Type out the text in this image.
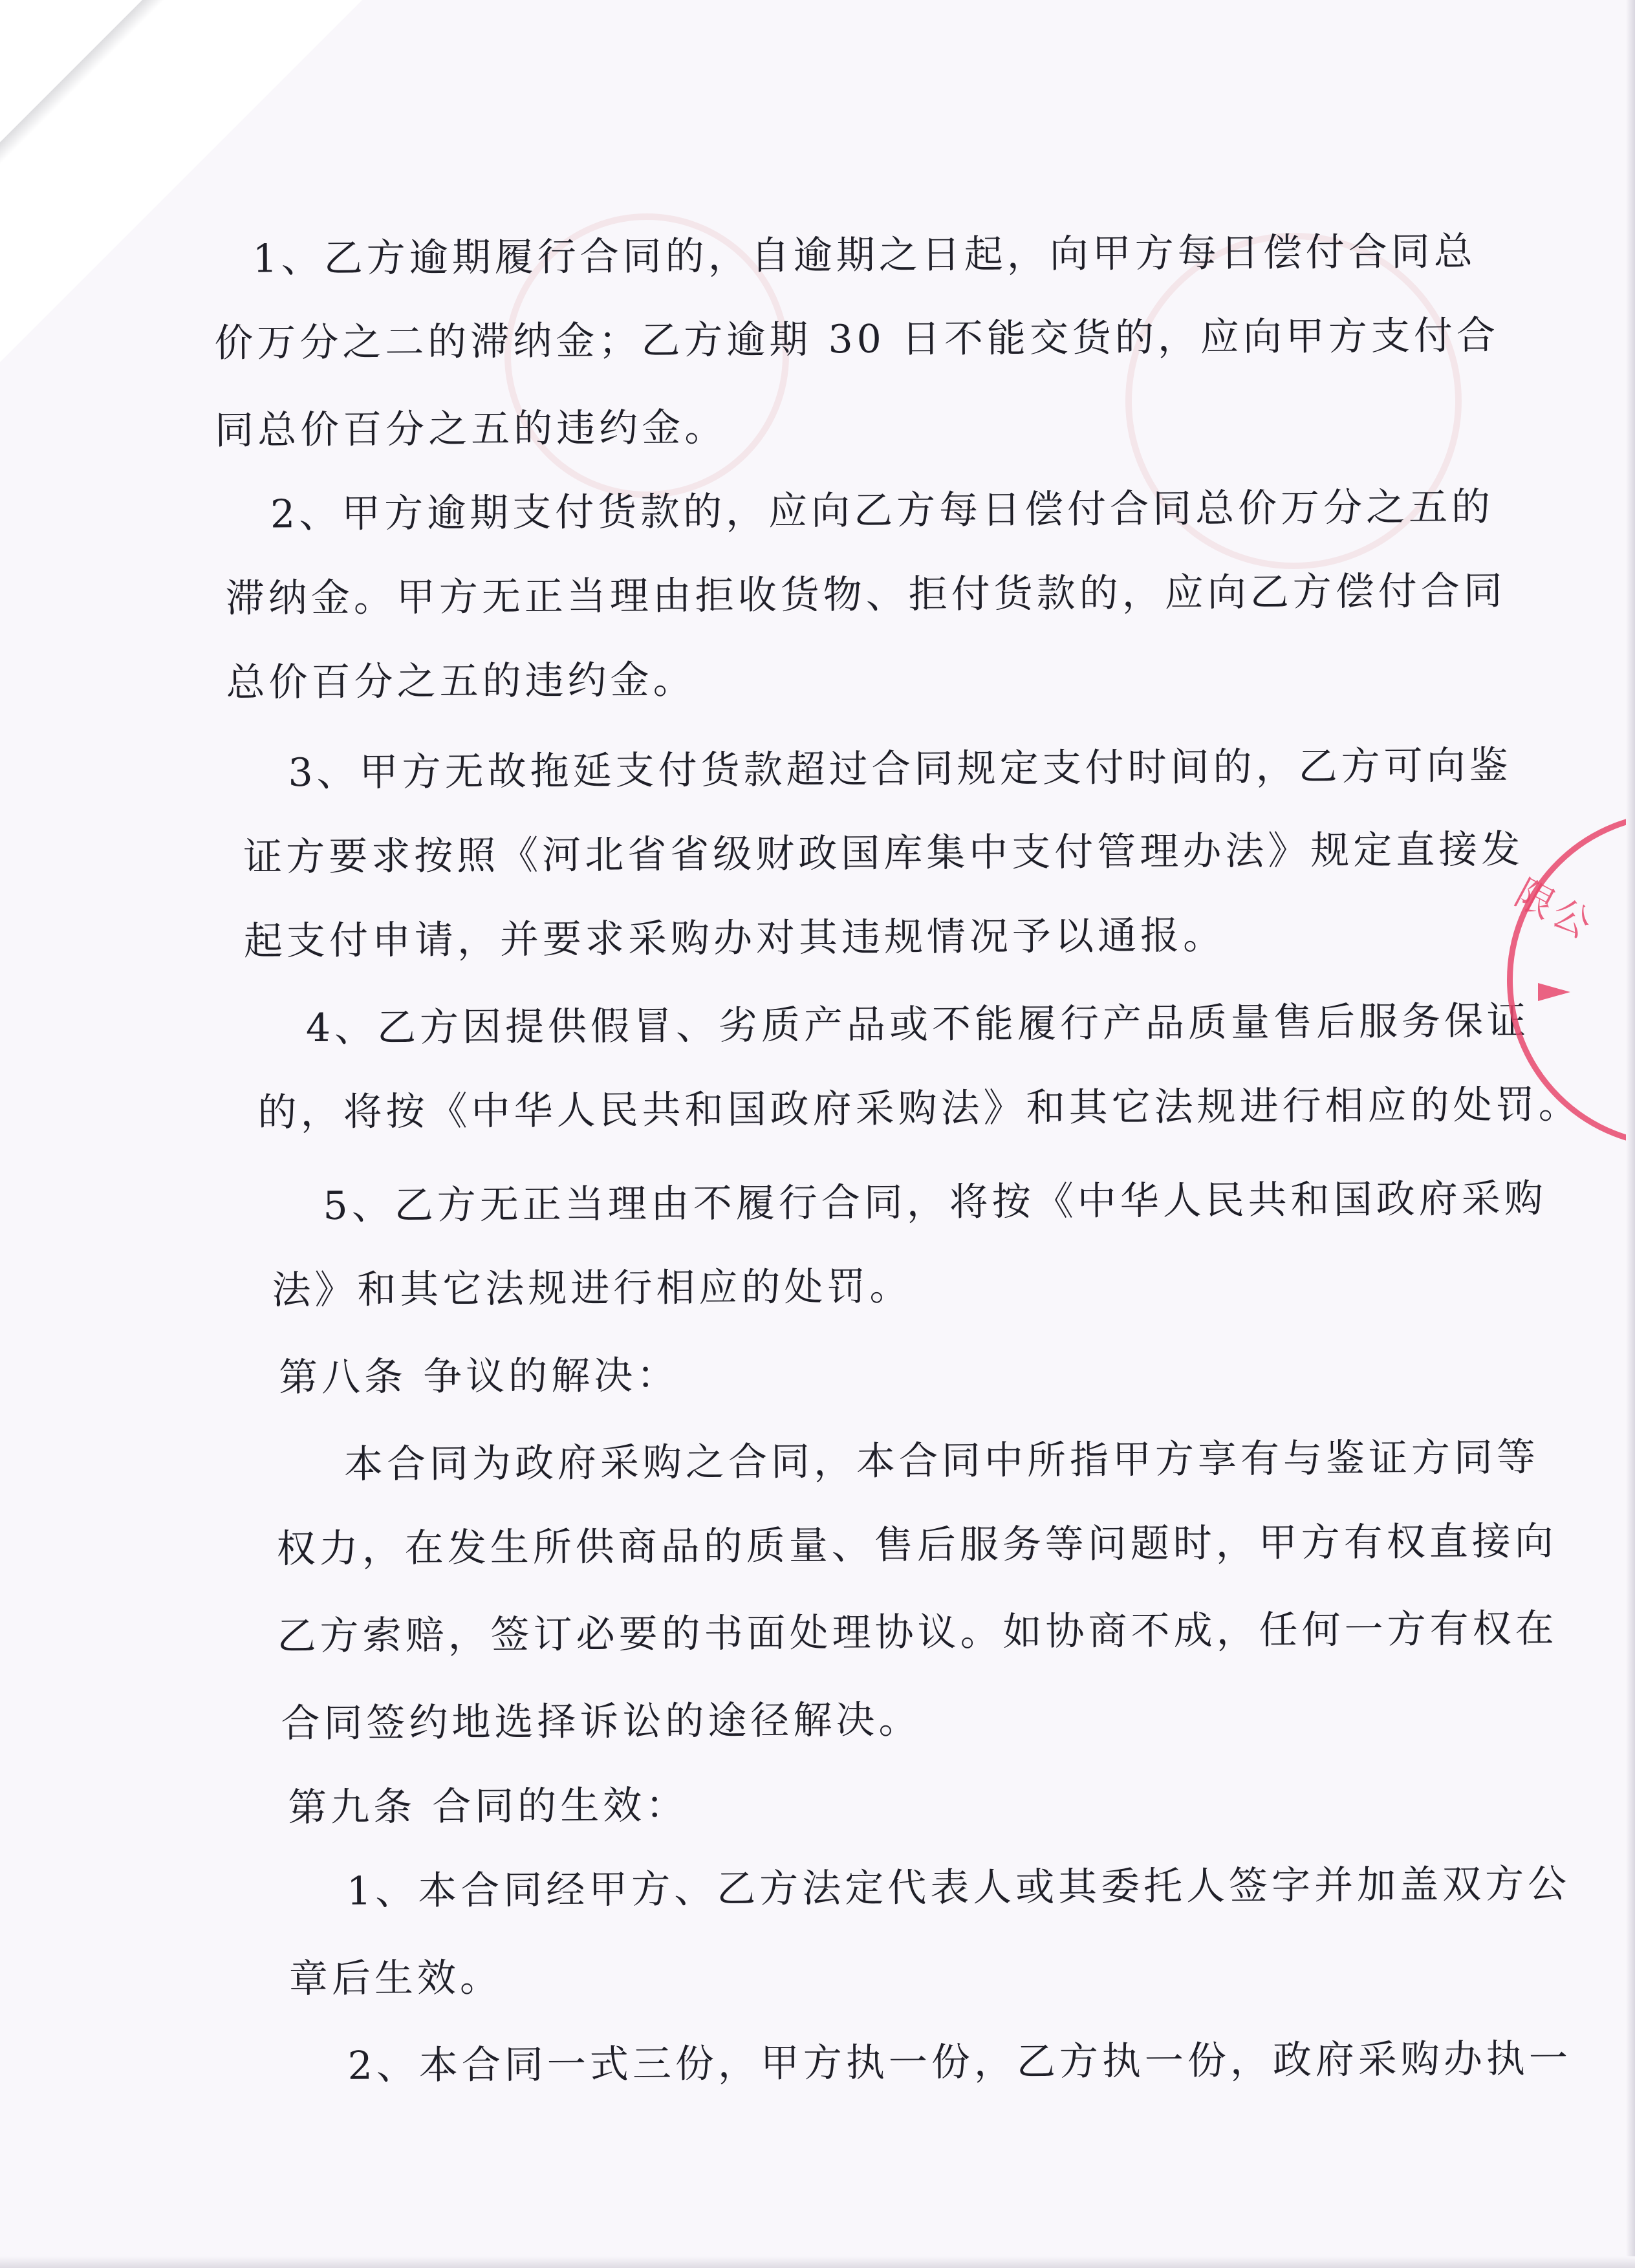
1、乙方逾期履行合同的，自逾期之日起，向甲方每日偿付合同总
价万分之二的滞纳金；乙方逾期 30 日不能交货的，应向甲方支付合
同总价百分之五的违约金。
2、甲方逾期支付货款的，应向乙方每日偿付合同总价万分之五的
滞纳金。甲方无正当理由拒收货物、拒付货款的，应向乙方偿付合同
总价百分之五的违约金。
3、甲方无故拖延支付货款超过合同规定支付时间的，乙方可向鉴
证方要求按照《河北省省级财政国库集中支付管理办法》规定直接发
起支付申请，并要求采购办对其违规情况予以通报。
4、乙方因提供假冒、劣质产品或不能履行产品质量售后服务保证
的，将按《中华人民共和国政府采购法》和其它法规进行相应的处罚。
5、乙方无正当理由不履行合同，将按《中华人民共和国政府采购
法》和其它法规进行相应的处罚。
第八条 争议的解决：
本合同为政府采购之合同，本合同中所指甲方享有与鉴证方同等
权力，在发生所供商品的质量、售后服务等问题时，甲方有权直接向
乙方索赔，签订必要的书面处理协议。如协商不成，任何一方有权在
合同签约地选择诉讼的途径解决。
第九条 合同的生效：
1、本合同经甲方、乙方法定代表人或其委托人签字并加盖双方公
章后生效。
2、本合同一式三份，甲方执一份，乙方执一份，政府采购办执一
限公
